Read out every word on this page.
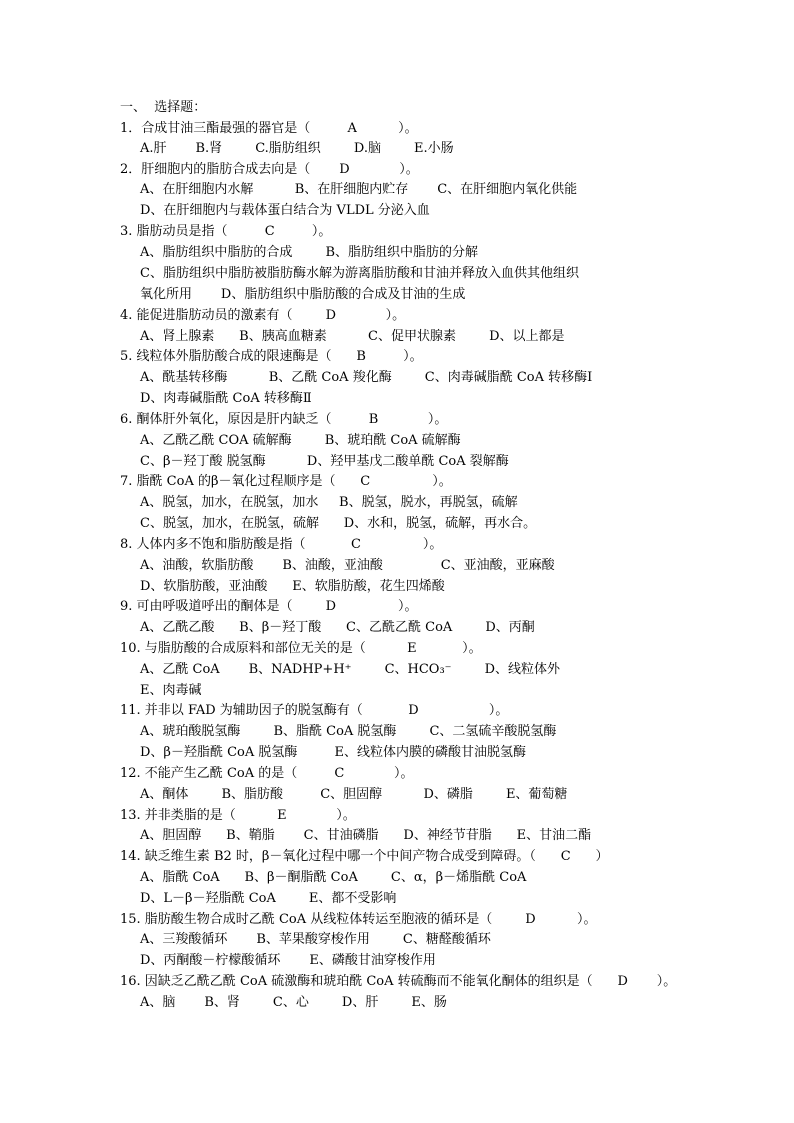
一、  选择题：
1．合成甘油三酯最强的器官是（         A          ）。
A.肝       B.肾        C.脂肪组织        D.脑        E.小肠
2．肝细胞内的脂肪合成去向是（       D            ）。
A、在肝细胞内水解          B、在肝细胞内贮存       C、在肝细胞内氧化供能
D、在肝细胞内与载体蛋白结合为 VLDL 分泌入血
3. 脂肪动员是指（         C         ）。
A、脂肪组织中脂肪的合成        B、脂肪组织中脂肪的分解
C、脂肪组织中脂肪被脂肪酶水解为游离脂肪酸和甘油并释放入血供其他组织
氧化所用       D、脂肪组织中脂肪酸的合成及甘油的生成
4. 能促进脂肪动员的激素有（        D            ）。
A、肾上腺素      B、胰高血糖素          C、促甲状腺素        D、以上都是
5. 线粒体外脂肪酸合成的限速酶是（      B         ）。
A、酰基转移酶          B、乙酰 CoA 羧化酶        C、肉毒碱脂酰 CoA 转移酶Ⅰ
D、肉毒碱脂酰 CoA 转移酶Ⅱ
6. 酮体肝外氧化，原因是肝内缺乏（         B            ）。
A、乙酰乙酰 COA 硫解酶        B、琥珀酰 CoA 硫解酶
C、β－羟丁酸 脱氢酶          D、羟甲基戊二酸单酰 CoA 裂解酶
7. 脂酰 CoA 的β－氧化过程顺序是（      C               ）。
A、脱氢，加水，在脱氢，加水     B、脱氢，脱水，再脱氢，硫解
C、脱氢，加水，在脱氢，硫解      D、水和，脱氢，硫解，再水合。
8. 人体内多不饱和脂肪酸是指（           C               ）。
A、油酸，软脂肪酸       B、油酸，亚油酸              C、亚油酸，亚麻酸
D、软脂肪酸，亚油酸      E、软脂肪酸，花生四烯酸
9. 可由呼吸道呼出的酮体是（        D               ）。
A、乙酰乙酸      B、β－羟丁酸      C、乙酰乙酰 CoA        D、丙酮
10. 与脂肪酸的合成原料和部位无关的是（          E           ）。
A、乙酰 CoA       B、NADHP+H⁺        C、HCO₃⁻        D、线粒体外
E、肉毒碱
11. 并非以 FAD 为辅助因子的脱氢酶有（           D                 ）。
A、琥珀酸脱氢酶        B、脂酰 CoA 脱氢酶        C、二氢硫辛酸脱氢酶
D、β－羟脂酰 CoA 脱氢酶         E、线粒体内膜的磷酸甘油脱氢酶
12. 不能产生乙酰 CoA 的是（         C            ）。
A、酮体        B、脂肪酸         C、胆固醇          D、磷脂        E、葡萄糖
13. 并非类脂的是（          E            ）。
A、胆固醇      B、鞘脂       C、甘油磷脂      D、神经节苷脂      E、甘油二酯
14. 缺乏维生素 B2 时，β－氧化过程中哪一个中间产物合成受到障碍。（      C      ）
A、脂酰 CoA      B、β－酮脂酰 CoA        C、α，β－烯脂酰 CoA
D、L－β－羟脂酰 CoA        E、都不受影响
15. 脂肪酸生物合成时乙酰 CoA 从线粒体转运至胞液的循环是（        D          ）。
A、三羧酸循环       B、苹果酸穿梭作用        C、糖醛酸循环
D、丙酮酸－柠檬酸循环       E、磷酸甘油穿梭作用
16. 因缺乏乙酰乙酰 CoA 硫激酶和琥珀酰 CoA 转硫酶而不能氧化酮体的组织是（      D       ）。
A、脑       B、肾        C、心        D、肝        E、肠
